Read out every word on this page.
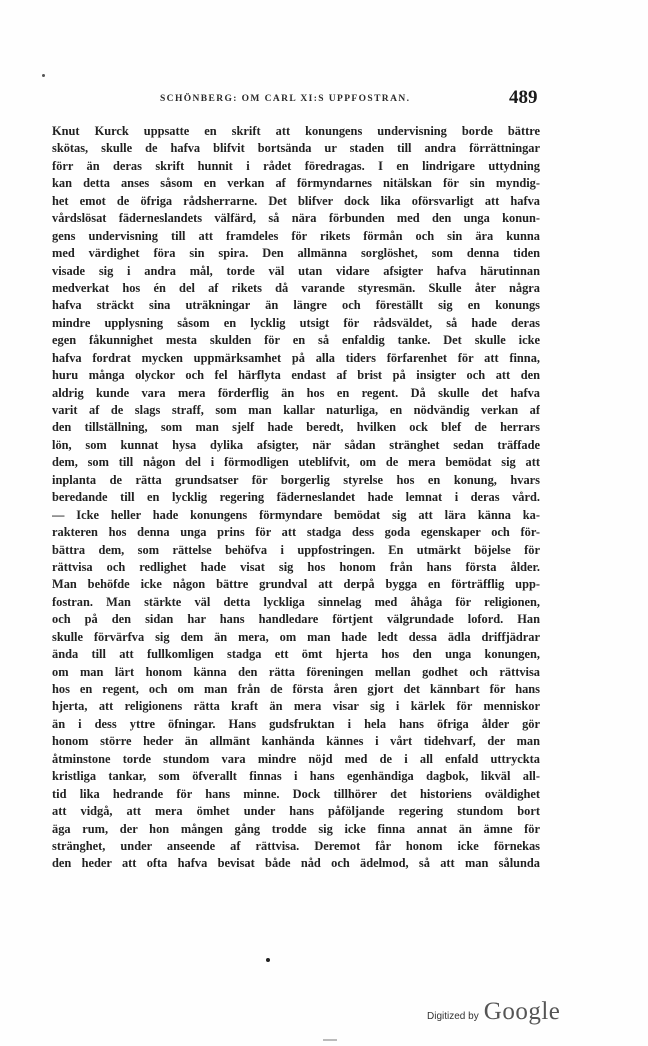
SCHÖNBERG: OM CARL XI:S UPPFOSTRAN.	489
Knut Kurck uppsatte en skrift att konungens undervisning borde bättre
skötas, skulle de hafva blifvit bortsända ur staden till andra förrättningar
förr än deras skrift hunnit i rådet föredragas. I en lindrigare uttydning
kan detta anses såsom en verkan af förmyndarnes nitälskan för sin myndig-
het emot de öfriga rådsherrarne. Det blifver dock lika oförsvarligt att hafva
vårdslösat fäderneslandets välfärd, så nära förbunden med den unga konun-
gens undervisning till att framdeles för rikets förmån och sin ära kunna
med värdighet föra sin spira. Den allmänna sorglöshet, som denna tiden
visade sig i andra mål, torde väl utan vidare afsigter hafva härutinnan
medverkat hos én del af rikets då varande styresmän. Skulle åter några
hafva sträckt sina uträkningar än längre och föreställt sig en konungs
mindre upplysning såsom en lycklig utsigt för rådsväldet, så hade deras
egen fåkunnighet mesta skulden för en så enfaldig tanke. Det skulle icke
hafva fordrat mycken uppmärksamhet på alla tiders förfarenhet för att finna,
huru många olyckor och fel härflyta endast af brist på insigter och att den
aldrig kunde vara mera förderflig än hos en regent. Då skulle det hafva
varit af de slags straff, som man kallar naturliga, en nödvändig verkan af
den tillställning, som man sjelf hade beredt, hvilken ock blef de herrars
lön, som kunnat hysa dylika afsigter, när sådan stränghet sedan träffade
dem, som till någon del i förmodligen uteblifvit, om de mera bemödat sig att
inplanta de rätta grundsatser för borgerlig styrelse hos en konung, hvars
beredande till en lycklig regering fäderneslandet hade lemnat i deras vård.
— Icke heller hade konungens förmyndare bemödat sig att lära känna ka-
rakteren hos denna unga prins för att stadga dess goda egenskaper och för-
bättra dem, som rättelse behöfva i uppfostringen. En utmärkt böjelse för
rättvisa och redlighet hade visat sig hos honom från hans första ålder.
Man behöfde icke någon bättre grundval att derpå bygga en förträfflig upp-
fostran. Man stärkte väl detta lyckliga sinnelag med åhåga för religionen,
och på den sidan har hans handledare förtjent välgrundade loford. Han
skulle förvärfva sig dem än mera, om man hade ledt dessa ädla driffjädrar
ända till att fullkomligen stadga ett ömt hjerta hos den unga konungen,
om man lärt honom känna den rätta föreningen mellan godhet och rättvisa
hos en regent, och om man från de första åren gjort det kännbart för hans
hjerta, att religionens rätta kraft än mera visar sig i kärlek för menniskor
än i dess yttre öfningar. Hans gudsfruktan i hela hans öfriga ålder gör
honom större heder än allmänt kanhända kännes i vårt tidehvarf, der man
åtminstone torde stundom vara mindre nöjd med de i all enfald uttryckta
kristliga tankar, som öfverallt finnas i hans egenhändiga dagbok, likväl all-
tid lika hedrande för hans minne. Dock tillhörer det historiens oväldighet
att vidgå, att mera ömhet under hans påföljande regering stundom bort
äga rum, der hon mången gång trodde sig icke finna annat än ämne för
stränghet, under anseende af rättvisa. Deremot får honom icke förnekas
den heder att ofta hafva bevisat både nåd och ädelmod, så att man sålunda
Digitized by Google
